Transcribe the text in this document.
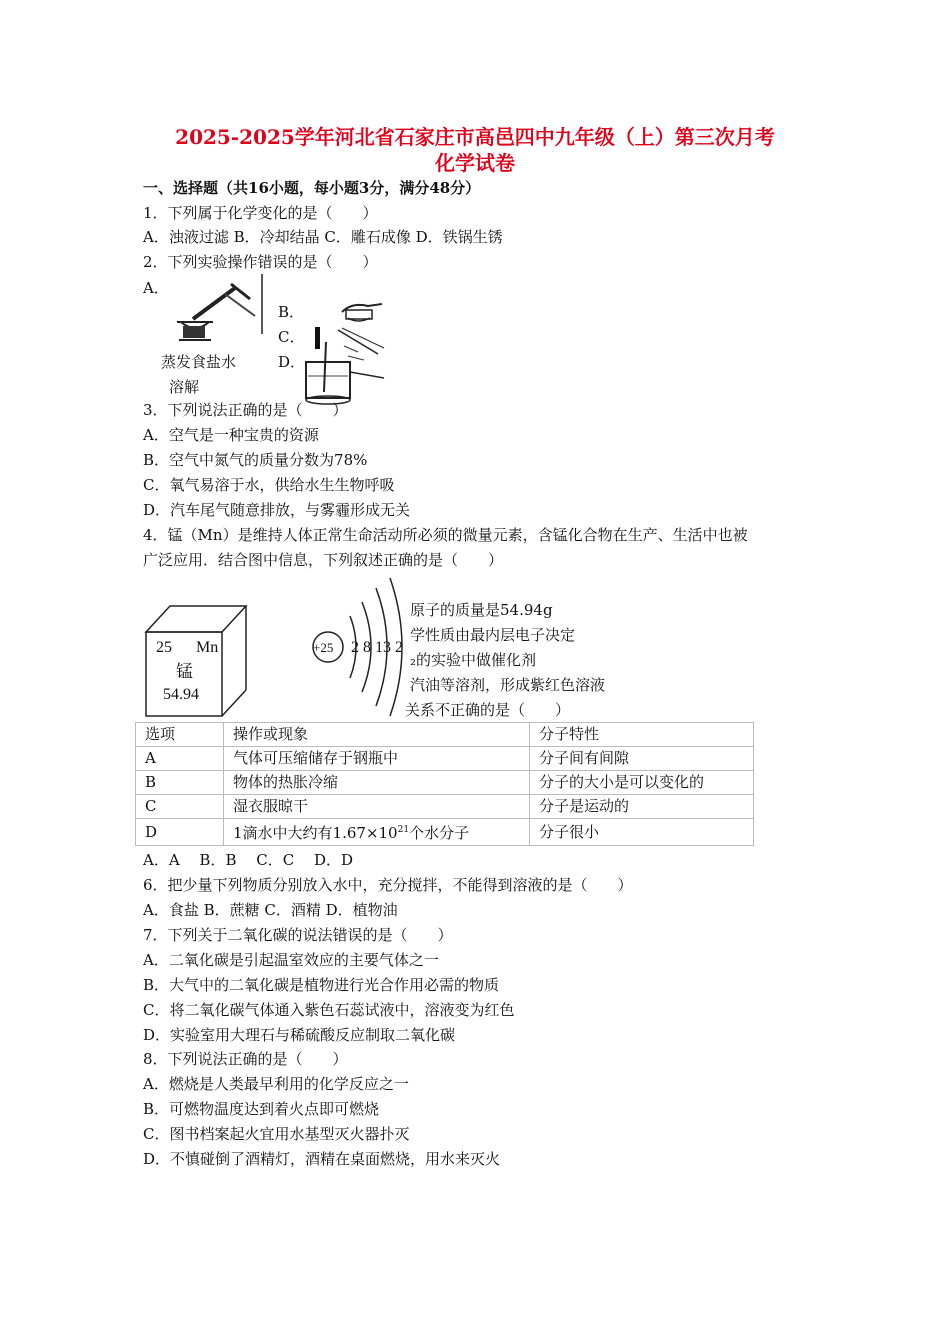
2025-2025学年河北省石家庄市高邑四中九年级（上）第三次月考
化学试卷
一、选择题（共16小题，每小题3分，满分48分）
1．下列属于化学变化的是（　　）
A．浊液过滤 B．冷却结晶 C．雕石成像 D．铁锅生锈
2．下列实验操作错误的是（　　）
A．
B．
C．
D．
蒸发食盐水
溶解
3．下列说法正确的是（　　）
A．空气是一种宝贵的资源
B．空气中氮气的质量分数为78%
C．氧气易溶于水，供给水生生物呼吸
D．汽车尾气随意排放，与雾霾形成无关
4．锰（Mn）是维持人体正常生命活动所必须的微量元素，含锰化合物在生产、生活中也被
广泛应用．结合图中信息，下列叙述正确的是（　　）
25 Mn
锰
54.94
+25 2 8 13 2
原子的质量是54.94g
学性质由最内层电子决定
₂的实验中做催化剂
汽油等溶剂，形成紫红色溶液
关系不正确的是（　　）
选项	操作或现象	分子特性
A	气体可压缩储存于钢瓶中	分子间有间隙
B	物体的热胀冷缩	分子的大小是可以变化的
C	湿衣服晾干	分子是运动的
D	1滴水中大约有$1.67\times 10^{21}$个水分子	分子很小
A．A　 B．B　 C．C　 D．D
6．把少量下列物质分别放入水中，充分搅拌，不能得到溶液的是（　　）
A．食盐 B．蔗糖 C．酒精 D．植物油
7．下列关于二氧化碳的说法错误的是（　　）
A．二氧化碳是引起温室效应的主要气体之一
B．大气中的二氧化碳是植物进行光合作用必需的物质
C．将二氧化碳气体通入紫色石蕊试液中，溶液变为红色
D．实验室用大理石与稀硫酸反应制取二氧化碳
8．下列说法正确的是（　　）
A．燃烧是人类最早利用的化学反应之一
B．可燃物温度达到着火点即可燃烧
C．图书档案起火宜用水基型灭火器扑灭
D．不慎碰倒了酒精灯，酒精在桌面燃烧，用水来灭火
